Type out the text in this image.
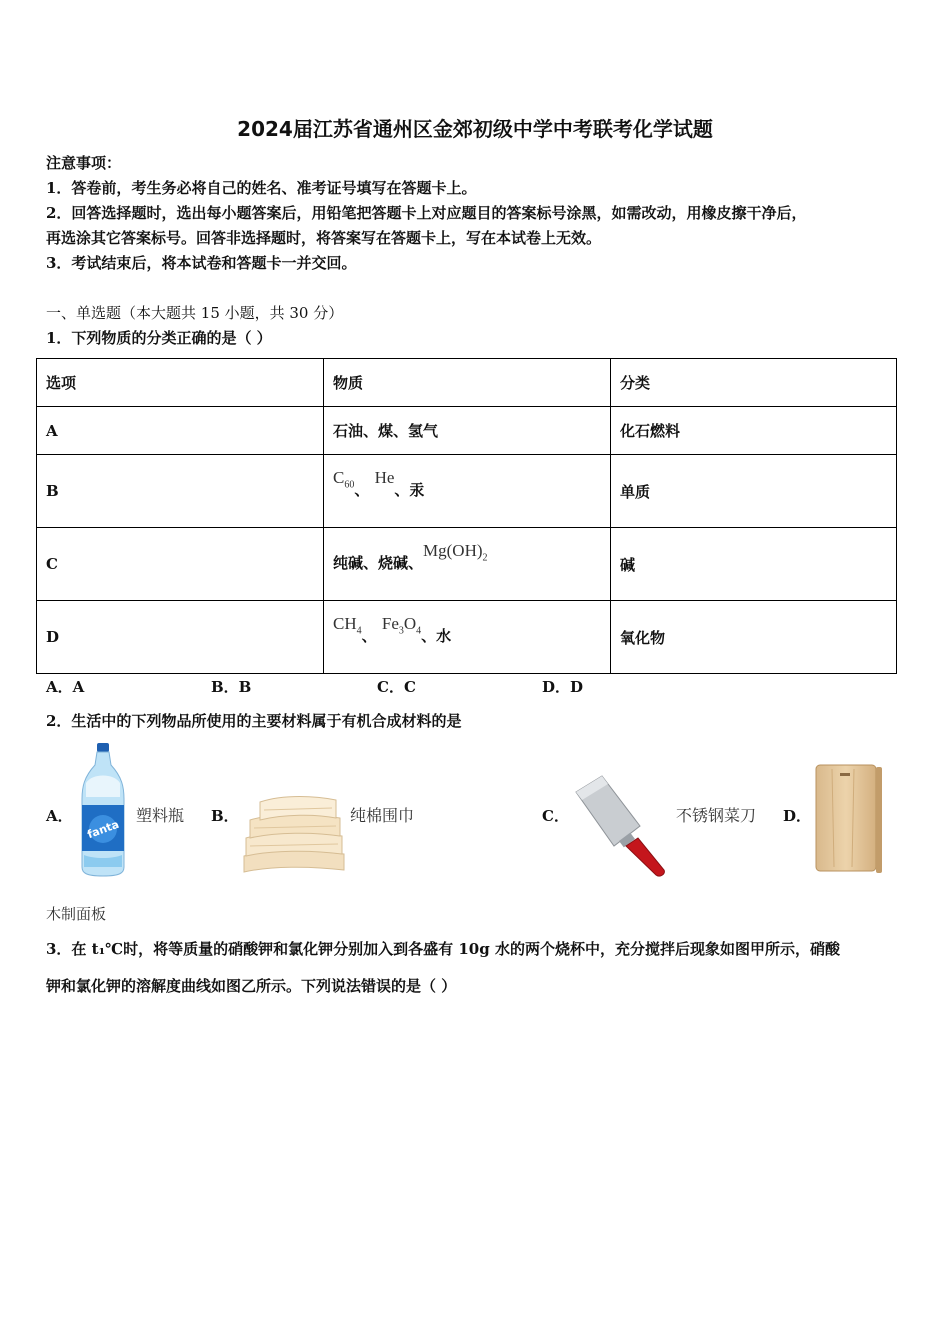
2024届江苏省通州区金郊初级中学中考联考化学试题
注意事项：
1．答卷前，考生务必将自己的姓名、准考证号填写在答题卡上。
2．回答选择题时，选出每小题答案后，用铅笔把答题卡上对应题目的答案标号涂黑，如需改动，用橡皮擦干净后，
再选涂其它答案标号。回答非选择题时，将答案写在答题卡上，写在本试卷上无效。
3．考试结束后，将本试卷和答题卡一并交回。
一、单选题（本大题共 15 小题，共 30 分）
1．下列物质的分类正确的是（ ）
选项	物质	分类
A	石油、煤、氢气	化石燃料
B	$C_{60}$、 He、汞	单质
C	纯碱、烧碱、$Mg(OH)_2$	碱
D	$CH_4$、 $Fe_3O_4$、水	氧化物
A．A	B．B	C．C	D．D
2．生活中的下列物品所使用的主要材料属于有机合成材料的是
A．
fanta
塑料瓶 B．	纯棉围巾	C．	不锈钢菜刀 D．
木制面板
3．在 t₁℃时，将等质量的硝酸钾和氯化钾分别加入到各盛有 10g 水的两个烧杯中，充分搅拌后现象如图甲所示，硝酸
钾和氯化钾的溶解度曲线如图乙所示。下列说法错误的是（ ）
